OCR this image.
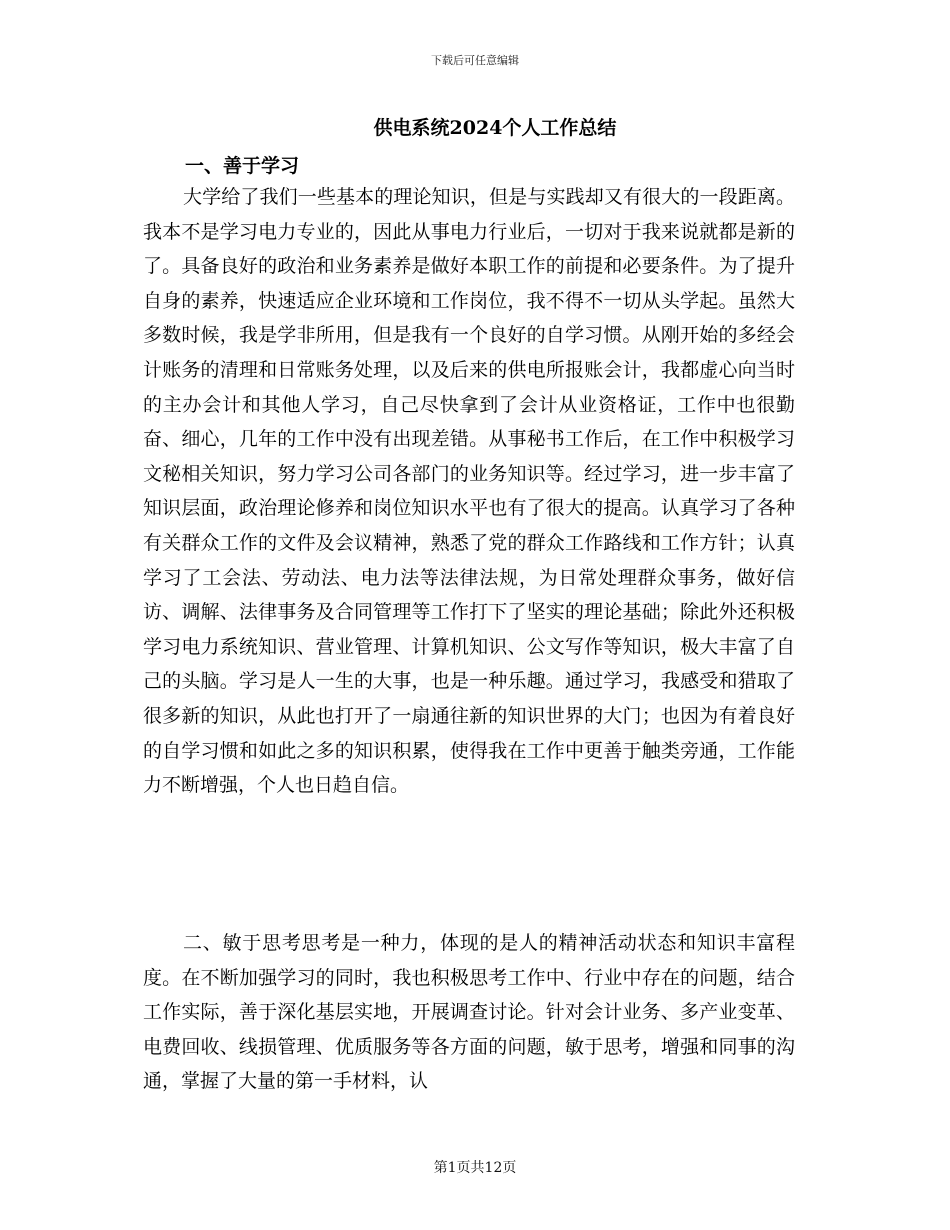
下载后可任意编辑
供电系统2024个人工作总结
一、善于学习

大学给了我们一些基本的理论知识，但是与实践却又有很大的一段距离。我本不是学习电力专业的，因此从事电力行业后，一切对于我来说就都是新的了。具备良好的政治和业务素养是做好本职工作的前提和必要条件。为了提升自身的素养，快速适应企业环境和工作岗位，我不得不一切从头学起。虽然大多数时候，我是学非所用，但是我有一个良好的自学习惯。从刚开始的多经会计账务的清理和日常账务处理，以及后来的供电所报账会计，我都虚心向当时的主办会计和其他人学习，自己尽快拿到了会计从业资格证，工作中也很勤奋、细心，几年的工作中没有出现差错。从事秘书工作后，在工作中积极学习文秘相关知识，努力学习公司各部门的业务知识等。经过学习，进一步丰富了知识层面，政治理论修养和岗位知识水平也有了很大的提高。认真学习了各种有关群众工作的文件及会议精神，熟悉了党的群众工作路线和工作方针；认真学习了工会法、劳动法、电力法等法律法规，为日常处理群众事务，做好信访、调解、法律事务及合同管理等工作打下了坚实的理论基础；除此外还积极学习电力系统知识、营业管理、计算机知识、公文写作等知识，极大丰富了自己的头脑。学习是人一生的大事，也是一种乐趣。通过学习，我感受和猎取了很多新的知识，从此也打开了一扇通往新的知识世界的大门；也因为有着良好的自学习惯和如此之多的知识积累，使得我在工作中更善于触类旁通，工作能力不断增强，个人也日趋自信。

二、敏于思考思考是一种力，体现的是人的精神活动状态和知识丰富程度。在不断加强学习的同时，我也积极思考工作中、行业中存在的问题，结合工作实际，善于深化基层实地，开展调查讨论。针对会计业务、多产业变革、电费回收、线损管理、优质服务等各方面的问题，敏于思考，增强和同事的沟通，掌握了大量的第一手材料，认

第1页共12页
